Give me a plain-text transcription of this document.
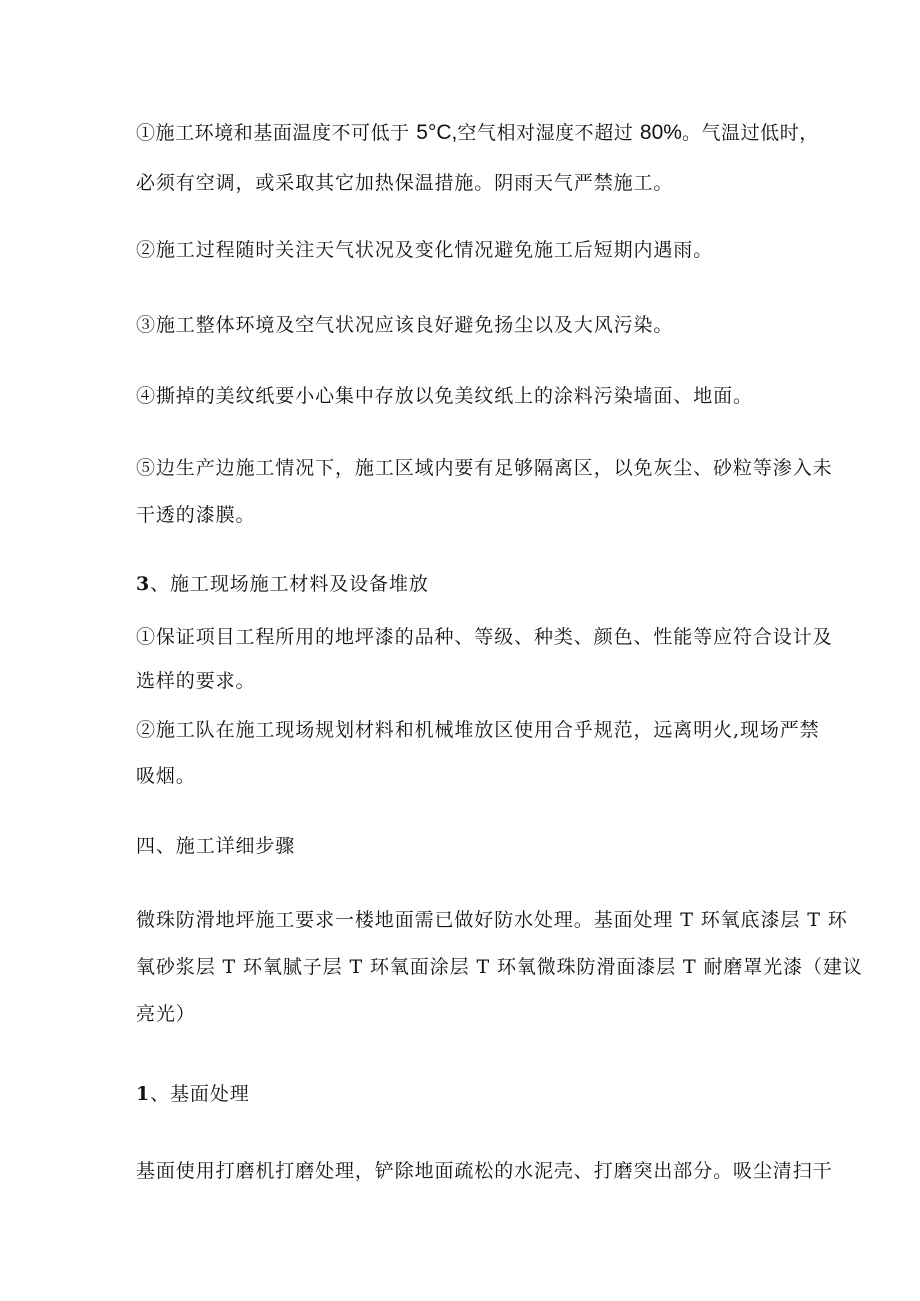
①施工环境和基面温度不可低于 5°C,空气相对湿度不超过 80%。气温过低时，
必须有空调，或采取其它加热保温措施。阴雨天气严禁施工。
②施工过程随时关注天气状况及变化情况避免施工后短期内遇雨。
③施工整体环境及空气状况应该良好避免扬尘以及大风污染。
④撕掉的美纹纸要小心集中存放以免美纹纸上的涂料污染墙面、地面。
⑤边生产边施工情况下，施工区域内要有足够隔离区，以免灰尘、砂粒等渗入未
干透的漆膜。
3、施工现场施工材料及设备堆放
①保证项目工程所用的地坪漆的品种、等级、种类、颜色、性能等应符合设计及
选样的要求。
②施工队在施工现场规划材料和机械堆放区使用合乎规范，远离明火,现场严禁
吸烟。
四、施工详细步骤
微珠防滑地坪施工要求一楼地面需已做好防水处理。基面处理 T 环氧底漆层 T 环
氧砂浆层 T 环氧腻子层 T 环氧面涂层 T 环氧微珠防滑面漆层 T 耐磨罩光漆（建议
亮光）
1、基面处理
基面使用打磨机打磨处理，铲除地面疏松的水泥壳、打磨突出部分。吸尘清扫干
